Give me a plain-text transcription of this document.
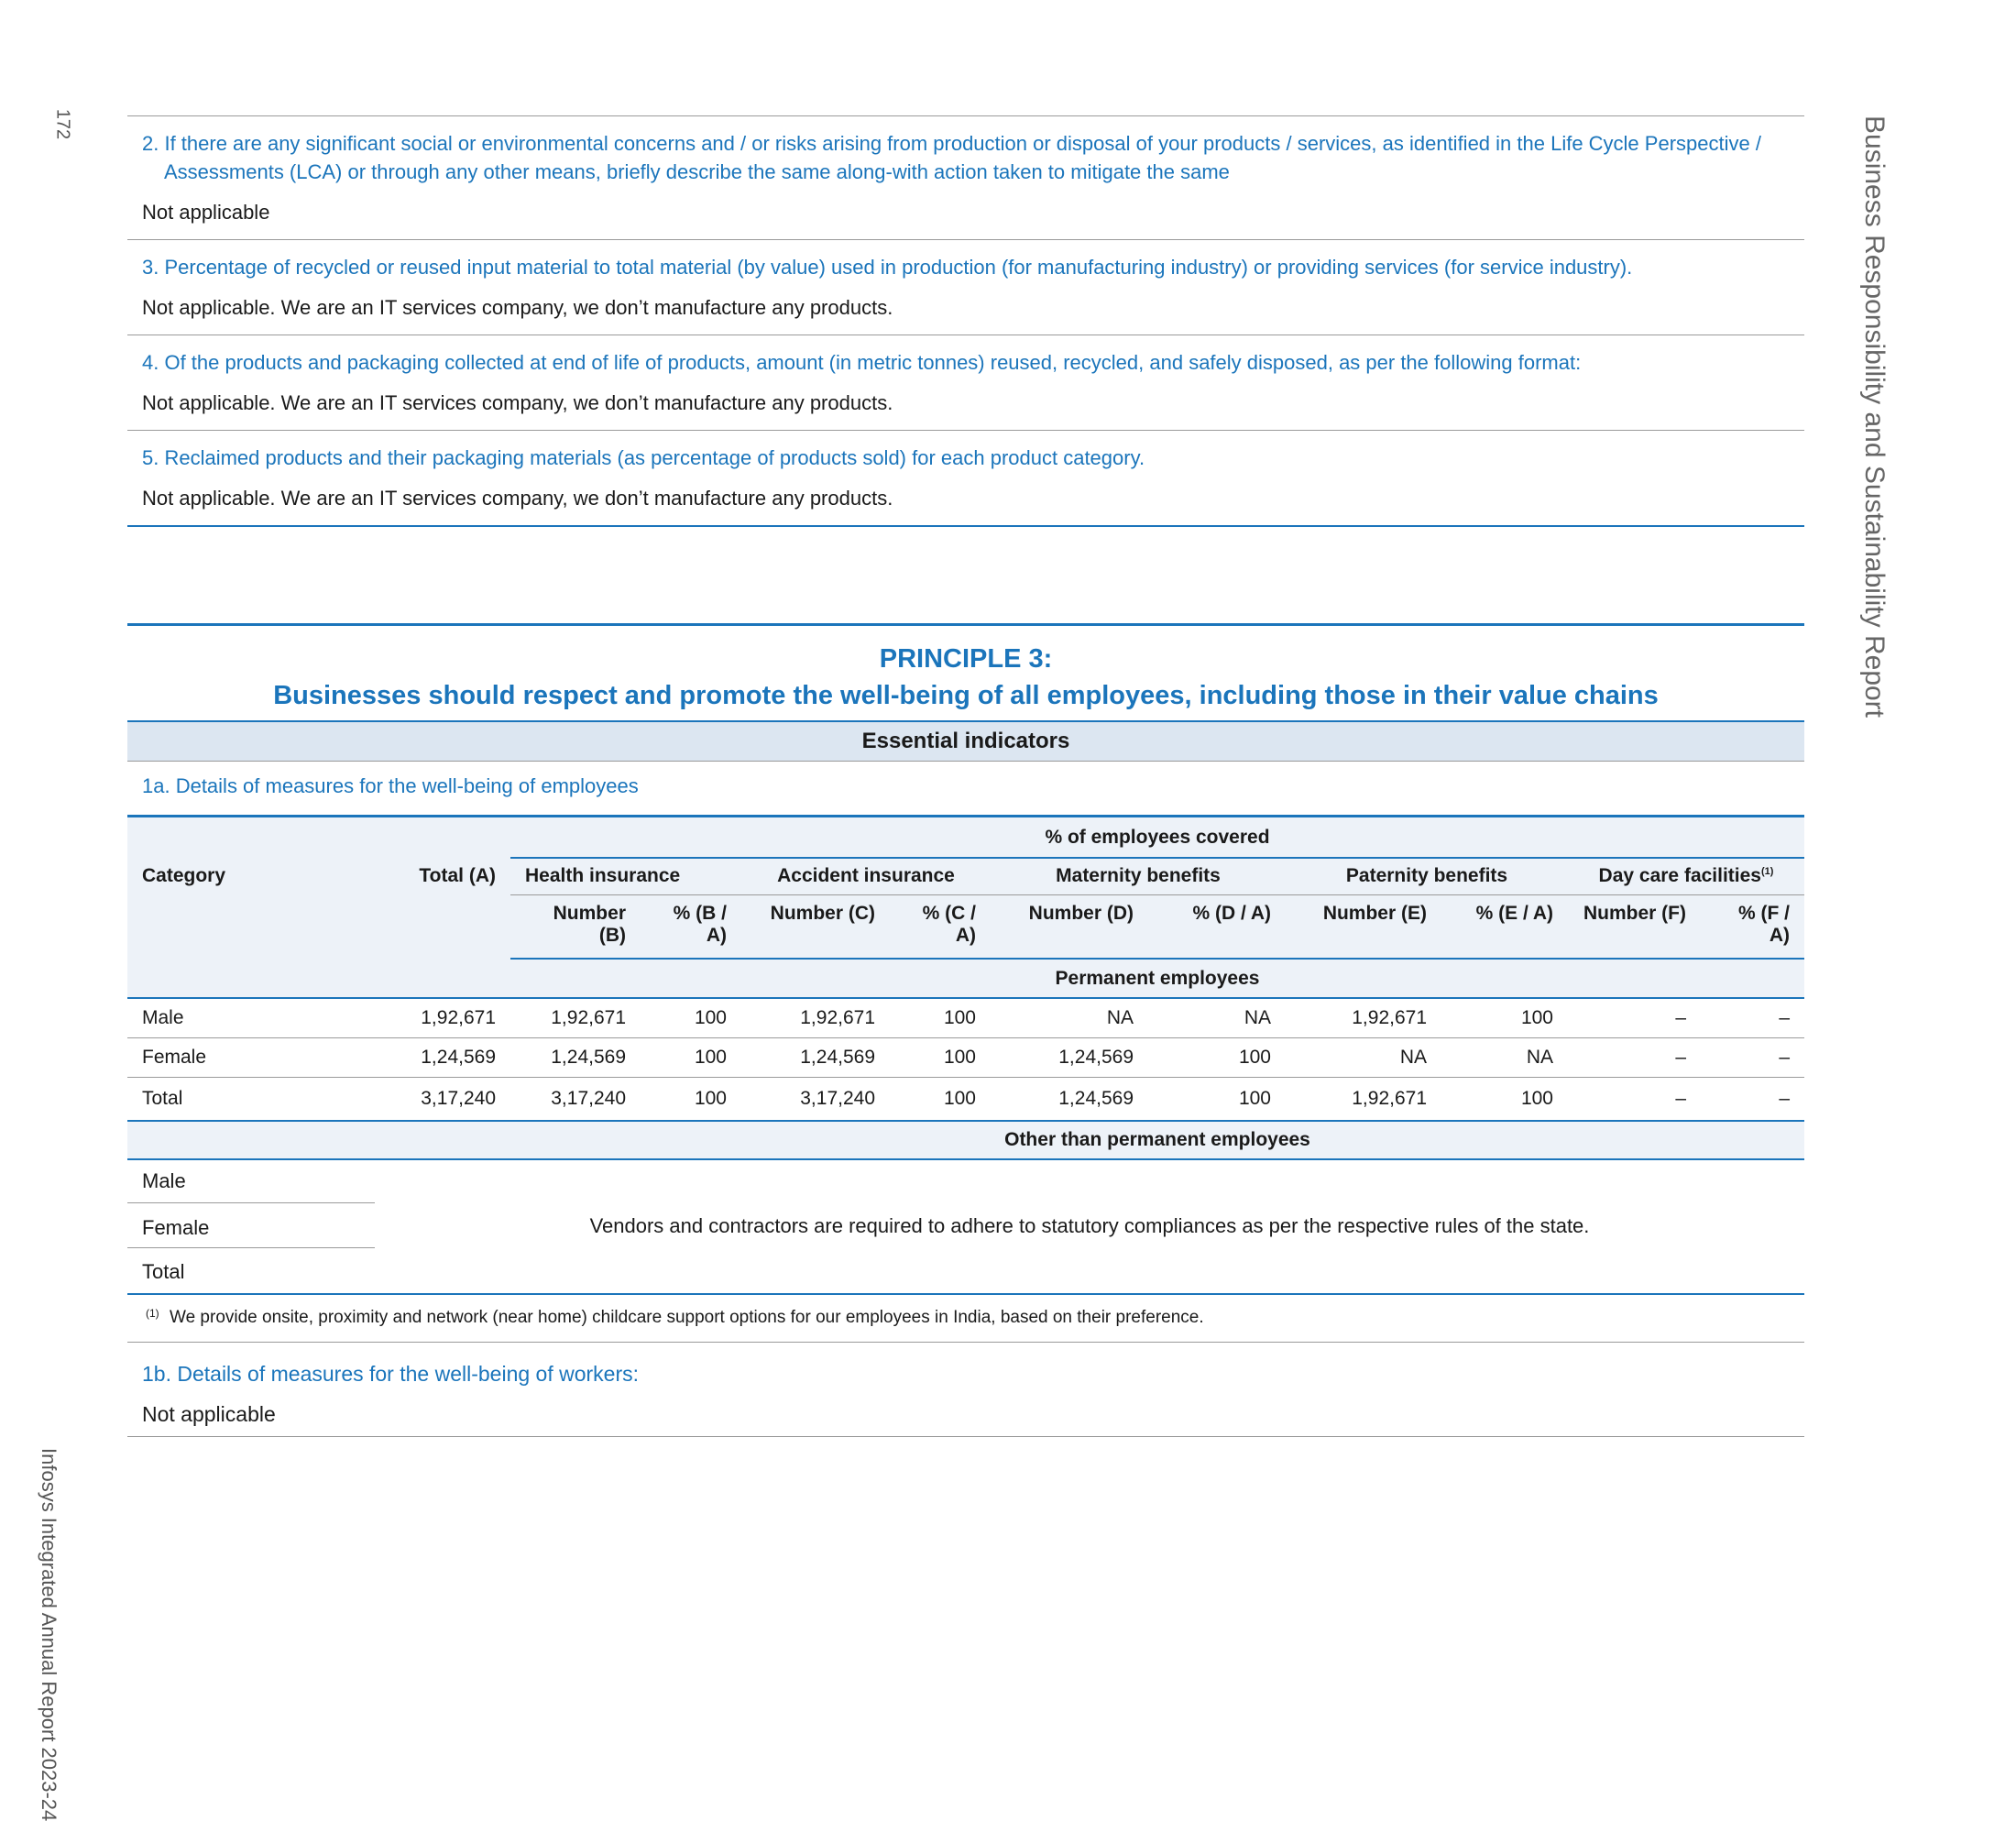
172
Infosys Integrated Annual Report 2023-24
Business Responsibility and Sustainability Report
2. If there are any significant social or environmental concerns and / or risks arising from production or disposal of your products / services, as identified in the Life Cycle Perspective / Assessments (LCA) or through any other means, briefly describe the same along-with action taken to mitigate the same
Not applicable
3. Percentage of recycled or reused input material to total material (by value) used in production (for manufacturing industry) or providing services (for service industry).
Not applicable. We are an IT services company, we don’t manufacture any products.
4. Of the products and packaging collected at end of life of products, amount (in metric tonnes) reused, recycled, and safely disposed, as per the following format:
Not applicable. We are an IT services company, we don’t manufacture any products.
5. Reclaimed products and their packaging materials (as percentage of products sold) for each product category.
Not applicable. We are an IT services company, we don’t manufacture any products.
PRINCIPLE 3:
Businesses should respect and promote the well-being of all employees, including those in their value chains
Essential indicators
1a. Details of measures for the well-being of employees
		% of employees covered									
Category	Total (A)	Health insurance		Accident insurance		Maternity benefits		Paternity benefits		Day care facilities$^{(1)}$
		Number (B)	% (B / A)	Number (C)	% (C / A)	Number (D)	% (D / A)	Number (E)	% (E / A)	Number (F)	% (F / A)
		Permanent employees									
Male	1,92,671	1,92,671	100	1,92,671	100	NA	NA	1,92,671	100	–	–
Female	1,24,569	1,24,569	100	1,24,569	100	1,24,569	100	NA	NA	–	–
Total	3,17,240	3,17,240	100	3,17,240	100	1,24,569	100	1,92,671	100	–	–
		Other than permanent employees									
Male
Female
Total
Vendors and contractors are required to adhere to statutory compliances as per the respective rules of the state.
(1) We provide onsite, proximity and network (near home) childcare support options for our employees in India, based on their preference.
1b. Details of measures for the well-being of workers:
Not applicable
